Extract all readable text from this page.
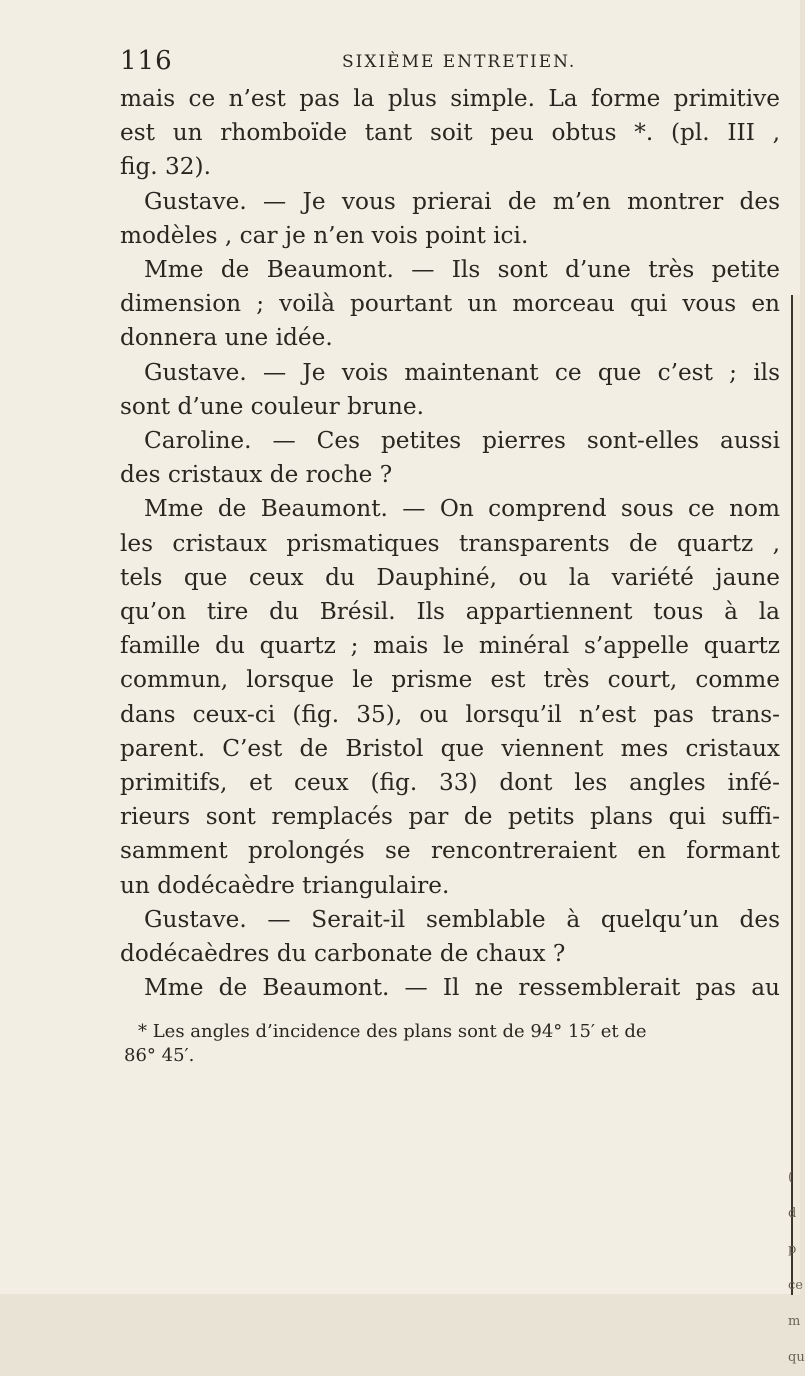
116	SIXIÈME ENTRETIEN.
mais ce n’est pas la plus simple. La forme primitive
est un rhomboïde tant soit peu obtus *. (pl. III ,
fig. 32).
Gustave. — Je vous prierai de m’en montrer des
modèles , car je n’en vois point ici.
Mme de Beaumont. — Ils sont d’une très petite
dimension ; voilà pourtant un morceau qui vous en
donnera une idée.
Gustave. — Je vois maintenant ce que c’est ; ils
sont d’une couleur brune.
Caroline. — Ces petites pierres sont-elles aussi
des cristaux de roche ?
Mme de Beaumont. — On comprend sous ce nom
les cristaux prismatiques transparents de quartz ,
tels que ceux du Dauphiné, ou la variété jaune
qu’on tire du Brésil. Ils appartiennent tous à la
famille du quartz ; mais le minéral s’appelle quartz
commun, lorsque le prisme est très court, comme
dans ceux-ci (fig. 35), ou lorsqu’il n’est pas trans-
parent. C’est de Bristol que viennent mes cristaux
primitifs, et ceux (fig. 33) dont les angles infé-
rieurs sont remplacés par de petits plans qui suffi-
samment prolongés se rencontreraient en formant
un dodécaèdre triangulaire.
Gustave. — Serait-il semblable à quelqu’un des
dodécaèdres du carbonate de chaux ?
Mme de Beaumont. — Il ne ressemblerait pas au
* Les angles d’incidence des plans sont de 94° 15′ et de
86° 45′.
(
d
p
ce
m
qu
